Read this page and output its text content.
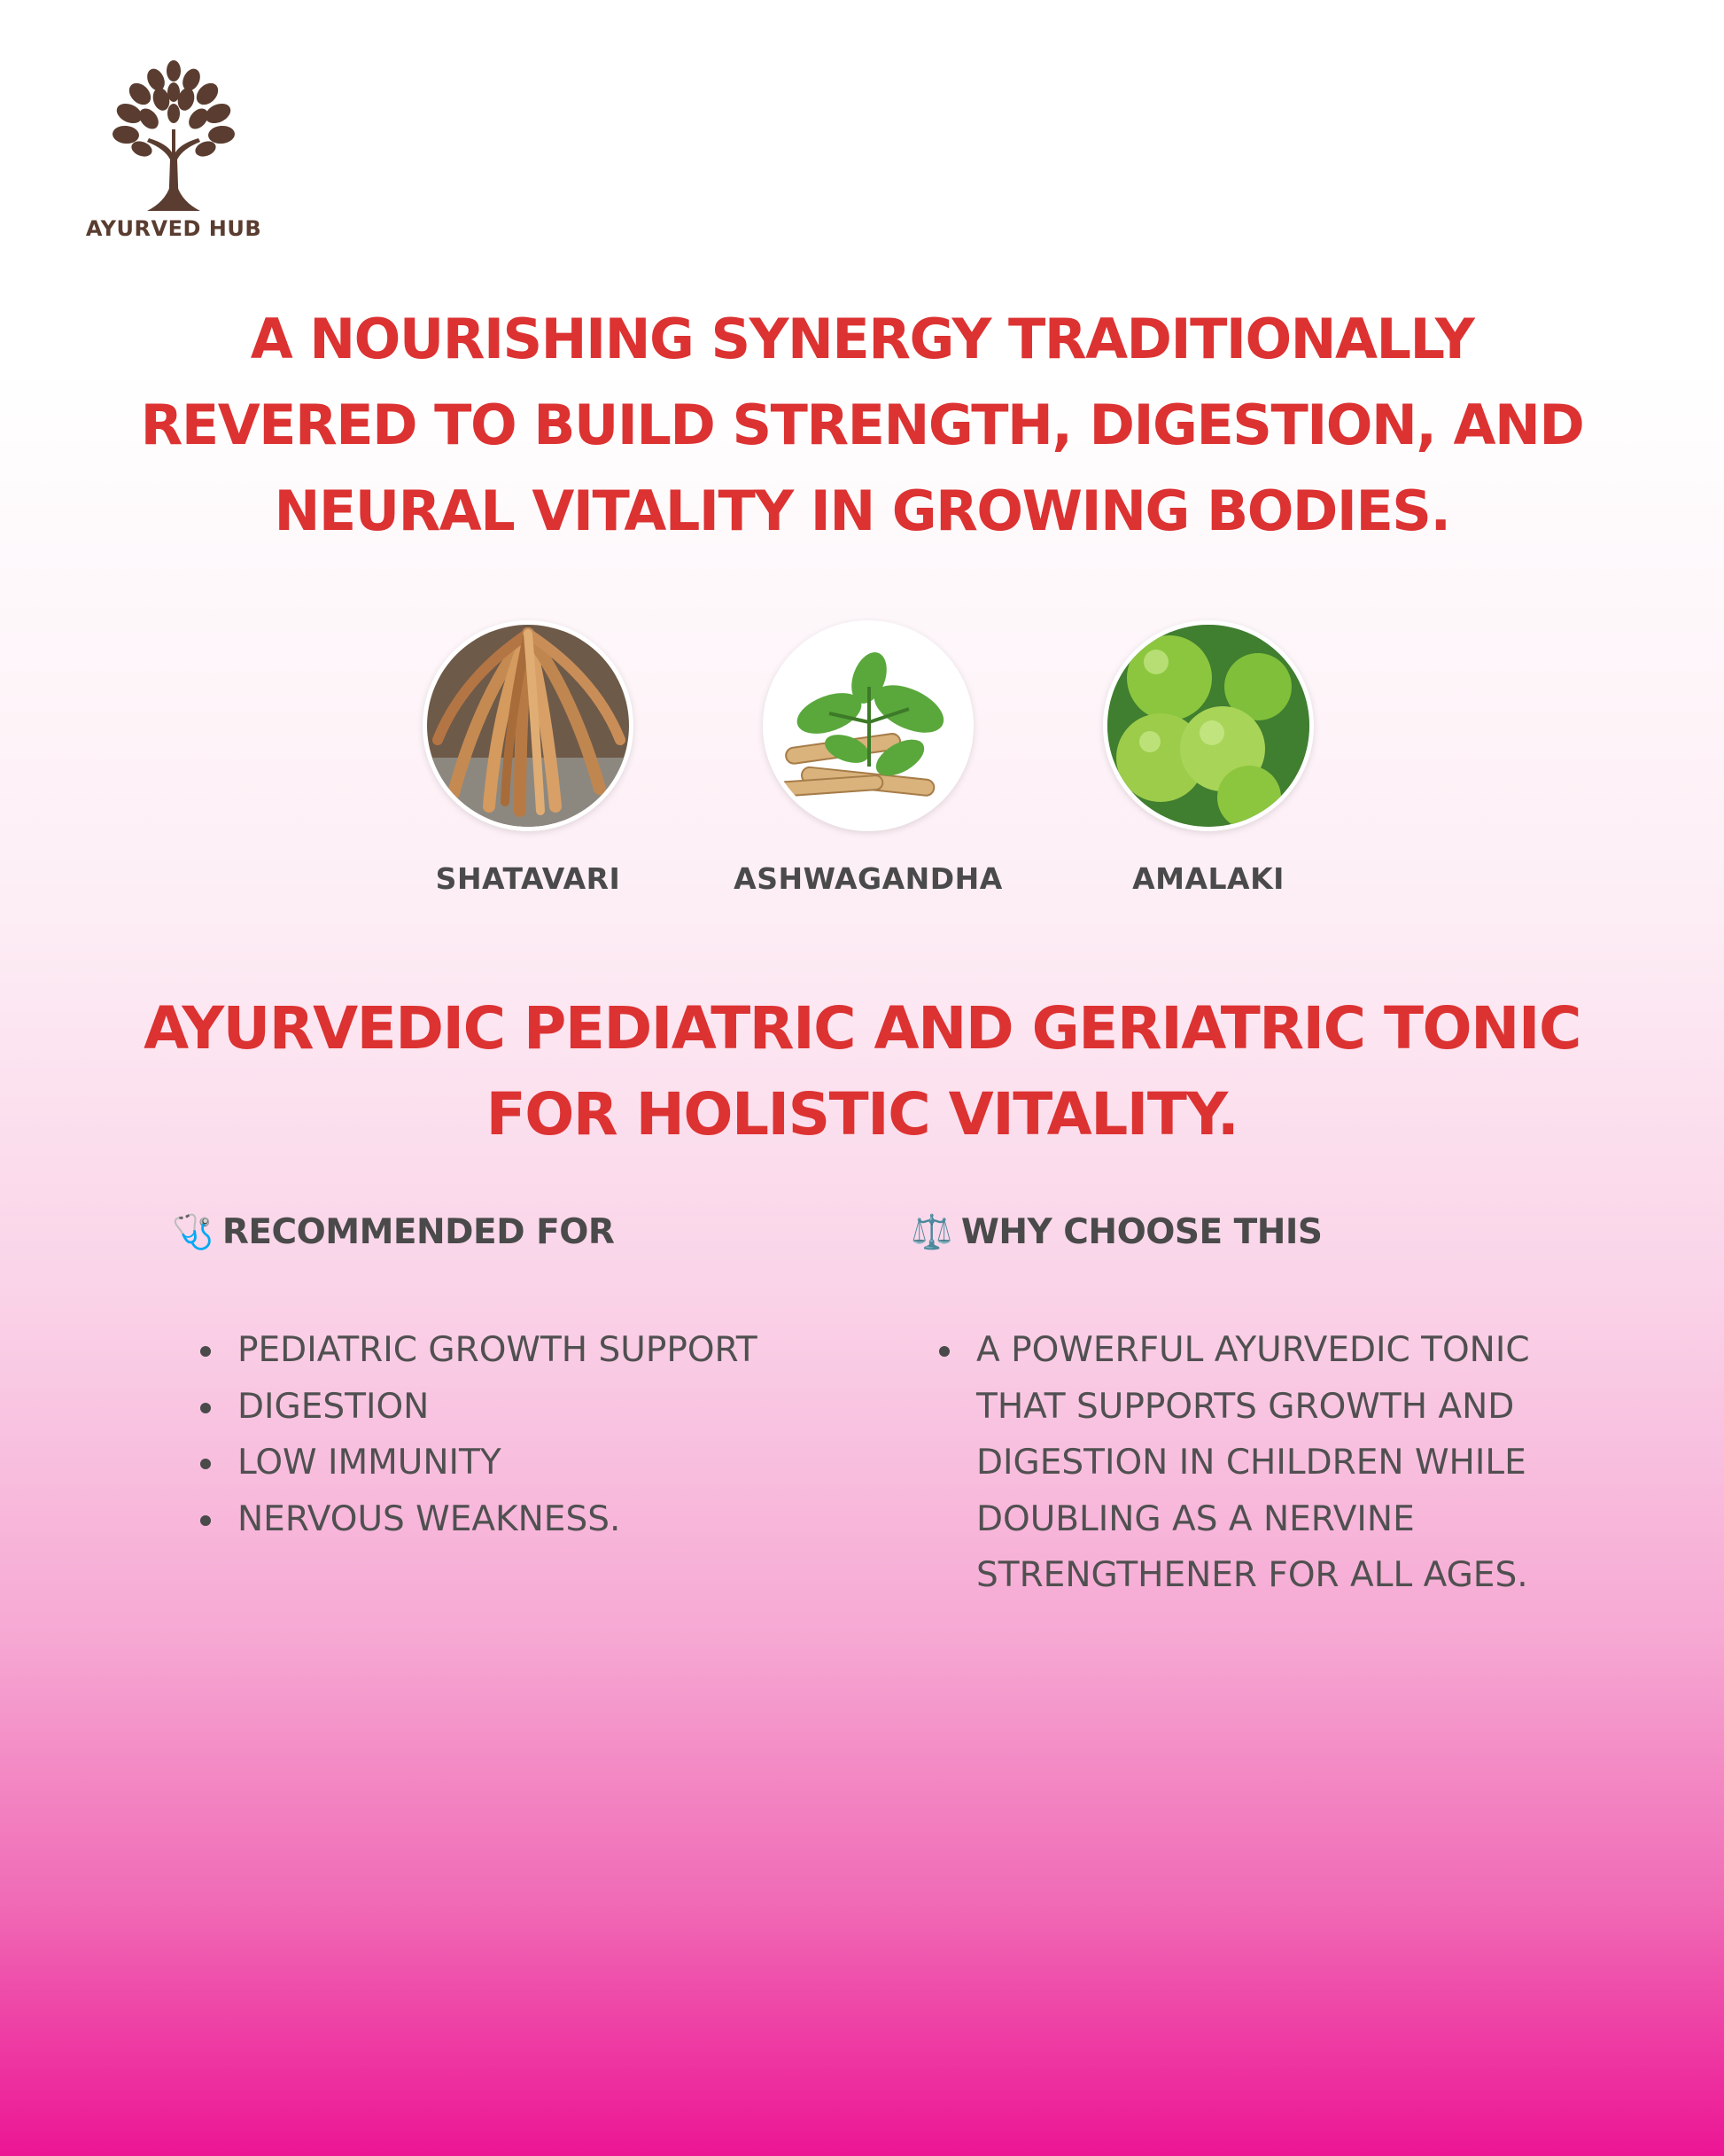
AYURVED HUB
A NOURISHING SYNERGY TRADITIONALLY REVERED TO BUILD STRENGTH, DIGESTION, AND NEURAL VITALITY IN GROWING BODIES.
SHATAVARI	ASHWAGANDHA	AMALAKI
AYURVEDIC PEDIATRIC AND GERIATRIC TONIC FOR HOLISTIC VITALITY.
🩺 RECOMMENDED FOR
PEDIATRIC GROWTH SUPPORT
DIGESTION
LOW IMMUNITY
NERVOUS WEAKNESS.
⚖️ WHY CHOOSE THIS
A POWERFUL AYURVEDIC TONIC THAT SUPPORTS GROWTH AND DIGESTION IN CHILDREN WHILE DOUBLING AS A NERVINE STRENGTHENER FOR ALL AGES.
